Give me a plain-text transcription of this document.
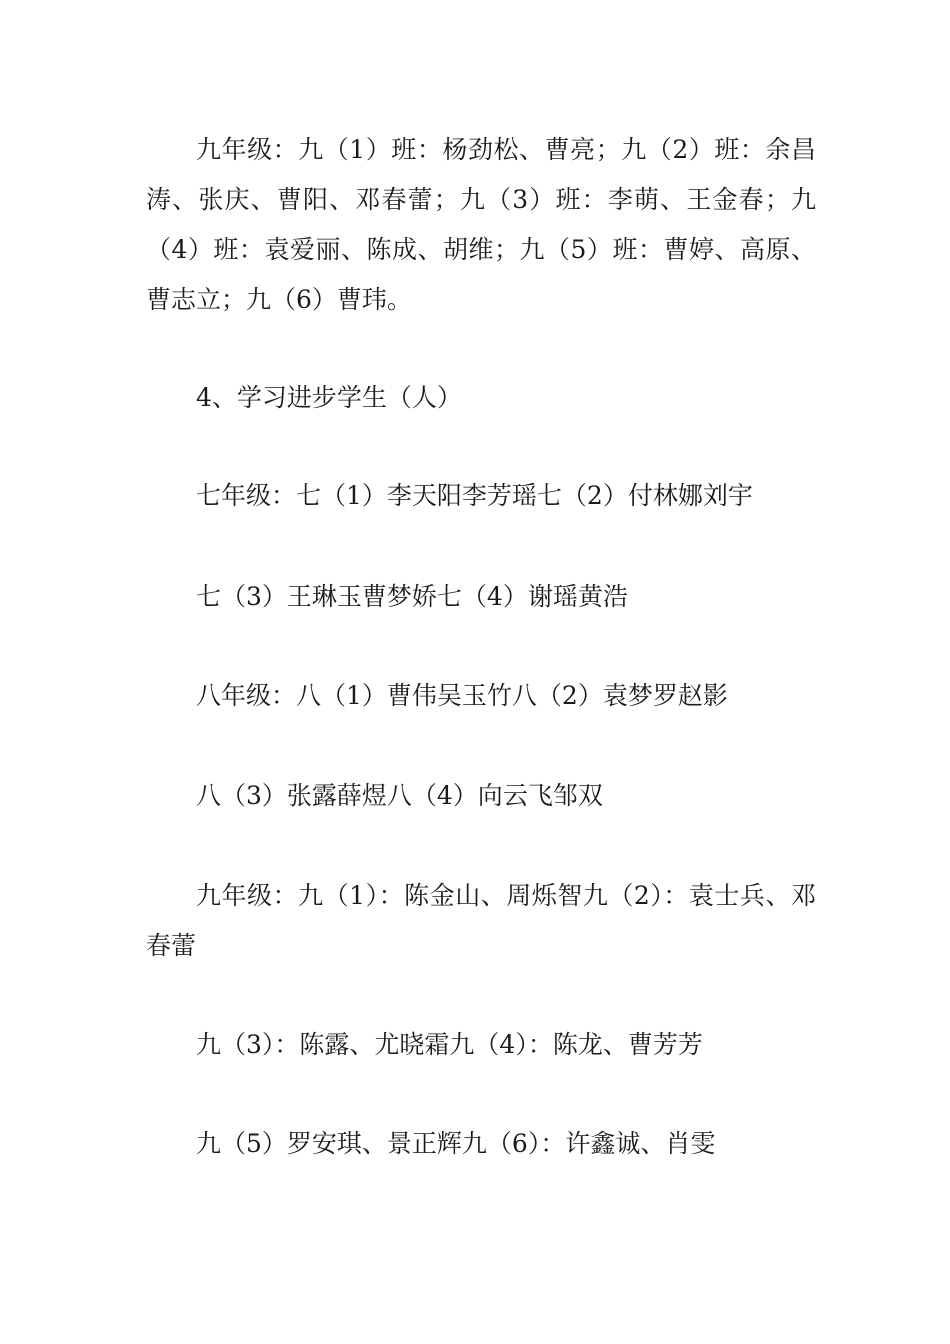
九年级：九（1）班：杨劲松、曹亮；九（2）班：余昌涛、张庆、曹阳、邓春蕾；九（3）班：李萌、王金春；九（4）班：袁爱丽、陈成、胡维；九（5）班：曹婷、高原、曹志立；九（6）曹玮。

4、学习进步学生（人）

七年级：七（1）李天阳李芳瑶七（2）付林娜刘宇

七（3）王琳玉曹梦娇七（4）谢瑶黄浩

八年级：八（1）曹伟吴玉竹八（2）袁梦罗赵影

八（3）张露薛煜八（4）向云飞邹双

九年级：九（1）：陈金山、周烁智九（2）：袁士兵、邓春蕾

九（3）：陈露、尤晓霜九（4）：陈龙、曹芳芳

九（5）罗安琪、景正辉九（6）：许鑫诚、肖雯
